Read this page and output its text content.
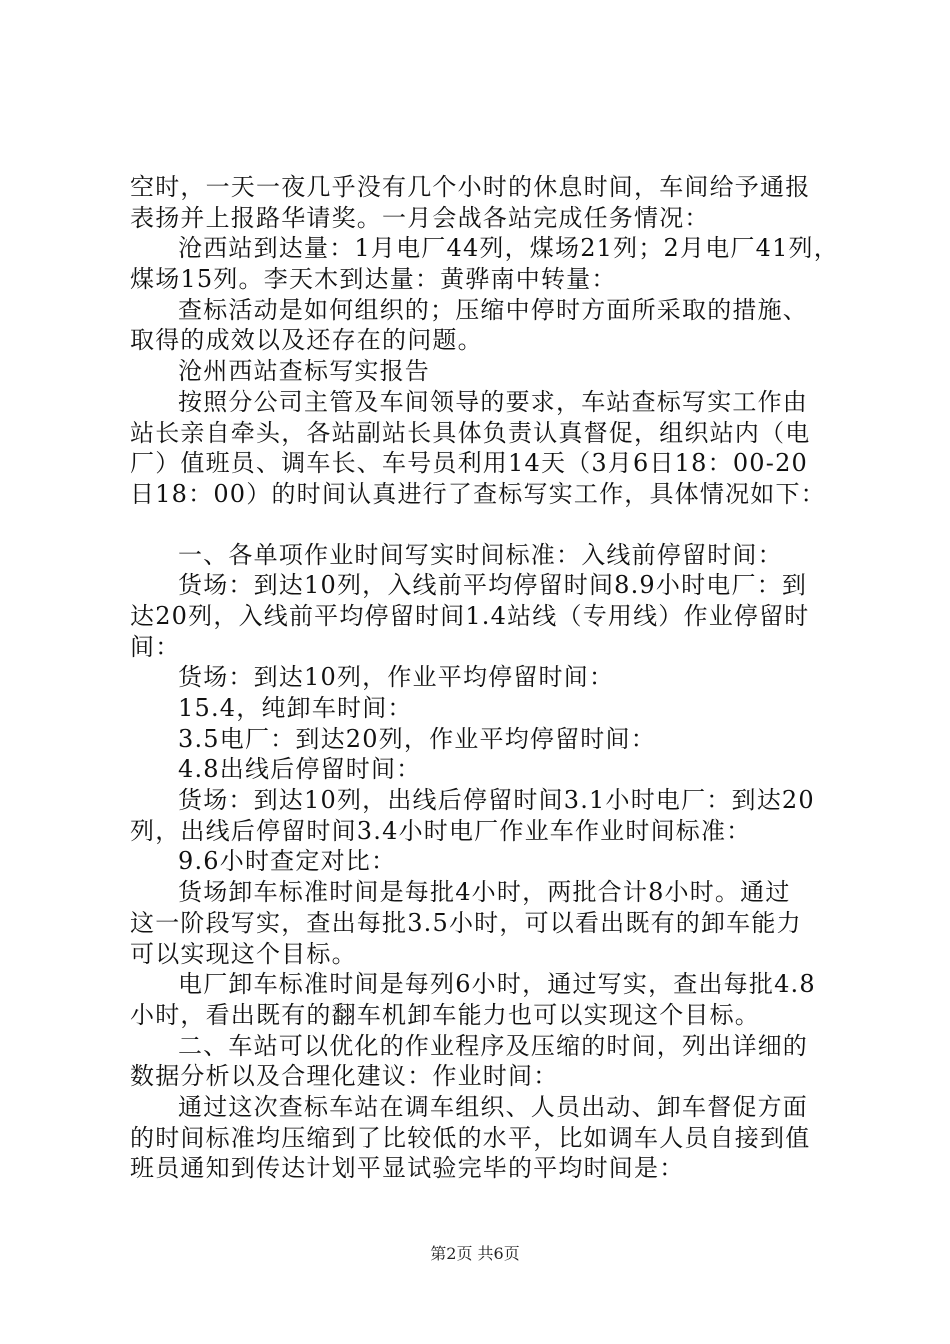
空时，一天一夜几乎没有几个小时的休息时间，车间给予通报
表扬并上报路华请奖。一月会战各站完成任务情况：
沧西站到达量：1月电厂44列，煤场21列；2月电厂41列，
煤场15列。李天木到达量：黄骅南中转量：
查标活动是如何组织的；压缩中停时方面所采取的措施、
取得的成效以及还存在的问题。
沧州西站查标写实报告
按照分公司主管及车间领导的要求，车站查标写实工作由
站长亲自牵头，各站副站长具体负责认真督促，组织站内（电
厂）值班员、调车长、车号员利用14天（3月6日18：00-20
日18：00）的时间认真进行了查标写实工作，具体情况如下：
一、各单项作业时间写实时间标准：入线前停留时间：
货场：到达10列，入线前平均停留时间8.9小时电厂：到
达20列，入线前平均停留时间1.4站线（专用线）作业停留时
间：
货场：到达10列，作业平均停留时间：
15.4，纯卸车时间：
3.5电厂：到达20列，作业平均停留时间：
4.8出线后停留时间：
货场：到达10列，出线后停留时间3.1小时电厂：到达20
列，出线后停留时间3.4小时电厂作业车作业时间标准：
9.6小时查定对比：
货场卸车标准时间是每批4小时，两批合计8小时。通过
这一阶段写实，查出每批3.5小时，可以看出既有的卸车能力
可以实现这个目标。
电厂卸车标准时间是每列6小时，通过写实，查出每批4.8
小时，看出既有的翻车机卸车能力也可以实现这个目标。
二、车站可以优化的作业程序及压缩的时间，列出详细的
数据分析以及合理化建议：作业时间：
通过这次查标车站在调车组织、人员出动、卸车督促方面
的时间标准均压缩到了比较低的水平，比如调车人员自接到值
班员通知到传达计划平显试验完毕的平均时间是：
第2页 共6页
